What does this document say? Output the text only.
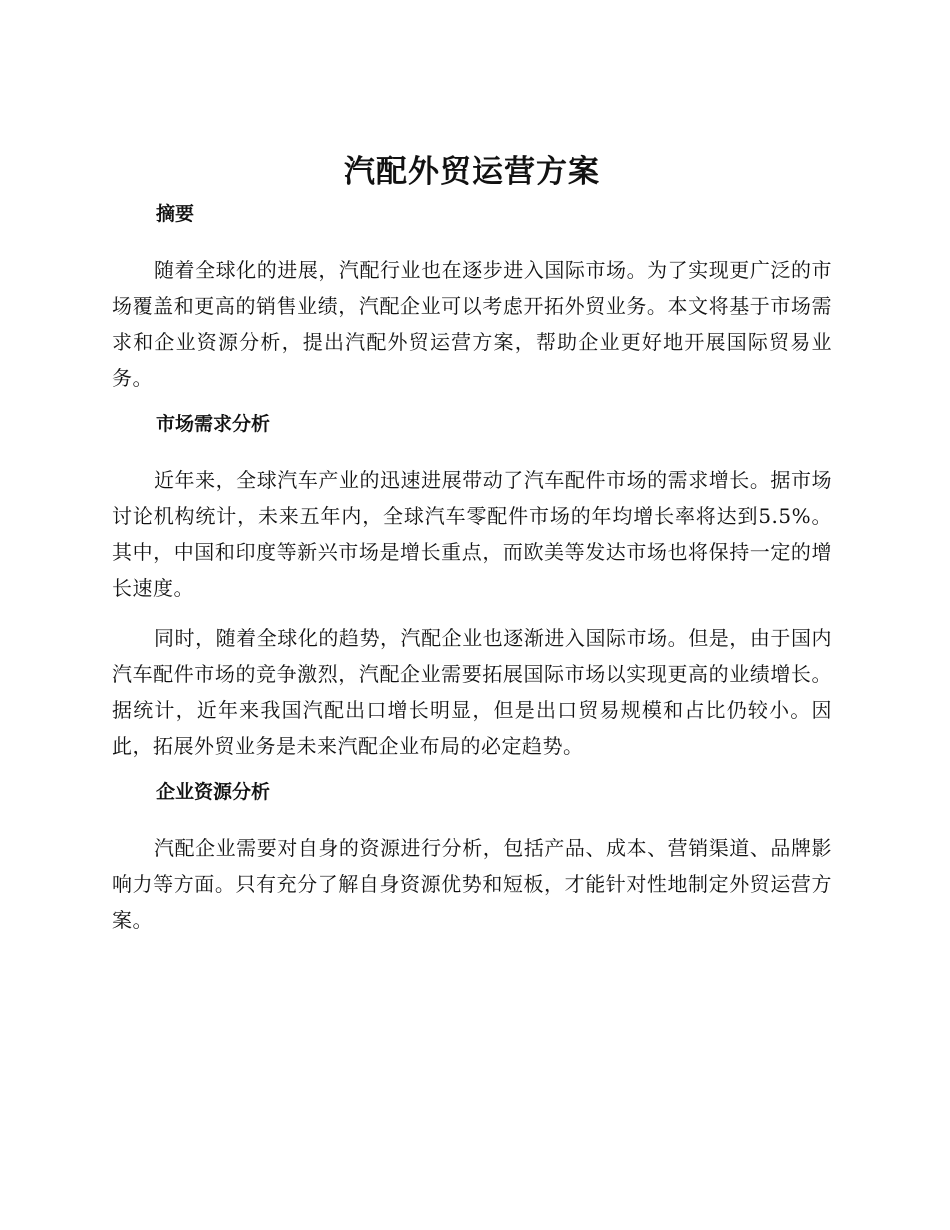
汽配外贸运营方案
摘要

随着全球化的进展，汽配行业也在逐步进入国际市场。为了实现更广泛的市场覆盖和更高的销售业绩，汽配企业可以考虑开拓外贸业务。本文将基于市场需求和企业资源分析，提出汽配外贸运营方案，帮助企业更好地开展国际贸易业务。

市场需求分析

近年来，全球汽车产业的迅速进展带动了汽车配件市场的需求增长。据市场讨论机构统计，未来五年内，全球汽车零配件市场的年均增长率将达到5.5%。其中，中国和印度等新兴市场是增长重点，而欧美等发达市场也将保持一定的增长速度。

同时，随着全球化的趋势，汽配企业也逐渐进入国际市场。但是，由于国内汽车配件市场的竞争激烈，汽配企业需要拓展国际市场以实现更高的业绩增长。据统计，近年来我国汽配出口增长明显，但是出口贸易规模和占比仍较小。因此，拓展外贸业务是未来汽配企业布局的必定趋势。

企业资源分析

汽配企业需要对自身的资源进行分析，包括产品、成本、营销渠道、品牌影响力等方面。只有充分了解自身资源优势和短板，才能针对性地制定外贸运营方案。
